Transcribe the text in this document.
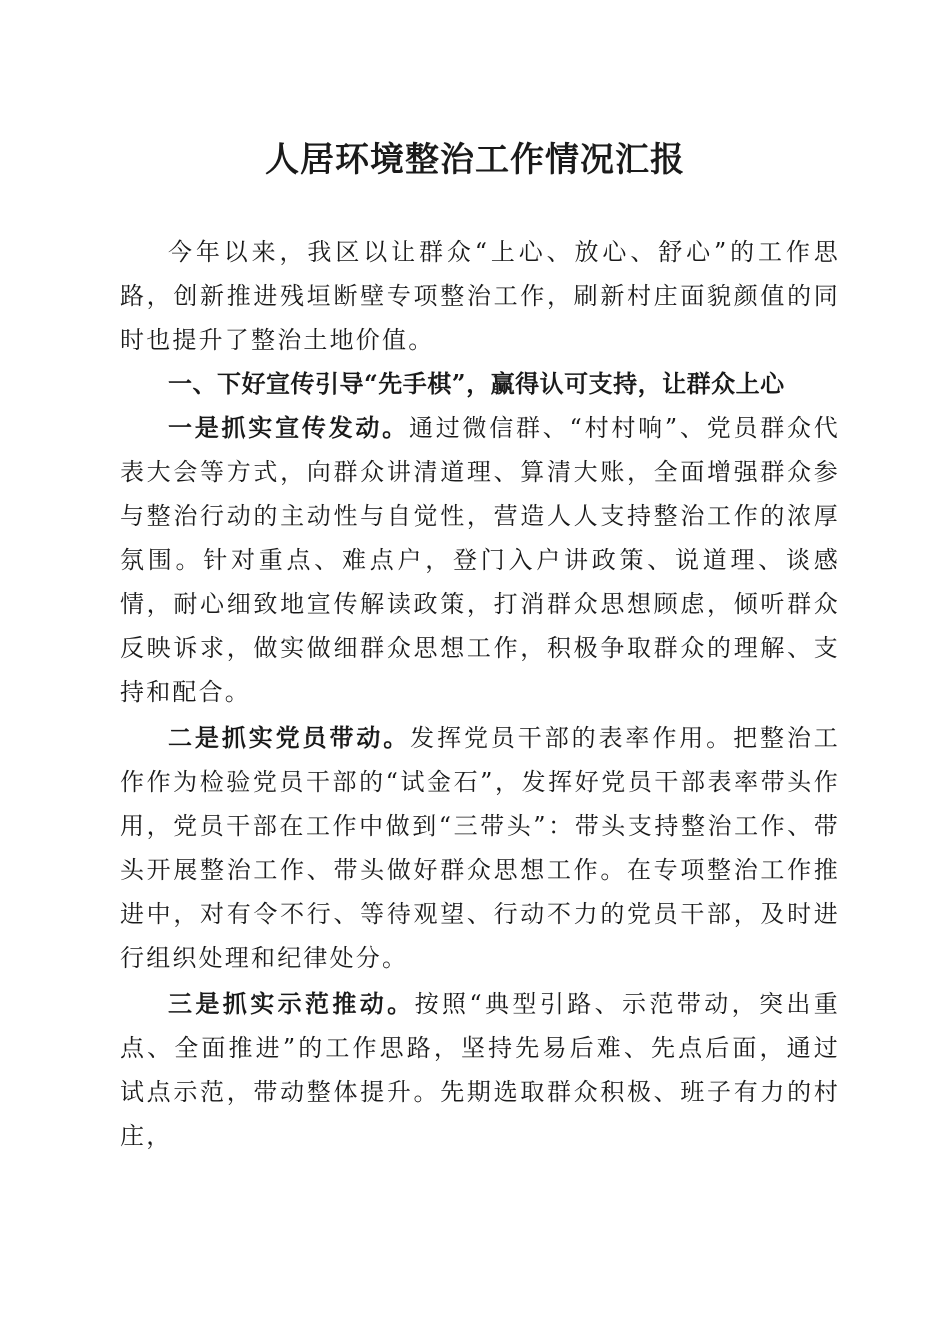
人居环境整治工作情况汇报

今年以来，我区以让群众“上心、放心、舒心”的工作思路，创新推进残垣断壁专项整治工作，刷新村庄面貌颜值的同时也提升了整治土地价值。

一、下好宣传引导“先手棋”，赢得认可支持，让群众上心

一是抓实宣传发动。通过微信群、“村村响”、党员群众代表大会等方式，向群众讲清道理、算清大账，全面增强群众参与整治行动的主动性与自觉性，营造人人支持整治工作的浓厚氛围。针对重点、难点户，登门入户讲政策、说道理、谈感情，耐心细致地宣传解读政策，打消群众思想顾虑，倾听群众反映诉求，做实做细群众思想工作，积极争取群众的理解、支持和配合。

二是抓实党员带动。发挥党员干部的表率作用。把整治工作作为检验党员干部的“试金石”，发挥好党员干部表率带头作用，党员干部在工作中做到“三带头”：带头支持整治工作、带头开展整治工作、带头做好群众思想工作。在专项整治工作推进中，对有令不行、等待观望、行动不力的党员干部，及时进行组织处理和纪律处分。

三是抓实示范推动。按照“典型引路、示范带动，突出重点、全面推进”的工作思路，坚持先易后难、先点后面，通过试点示范，带动整体提升。先期选取群众积极、班子有力的村庄，
